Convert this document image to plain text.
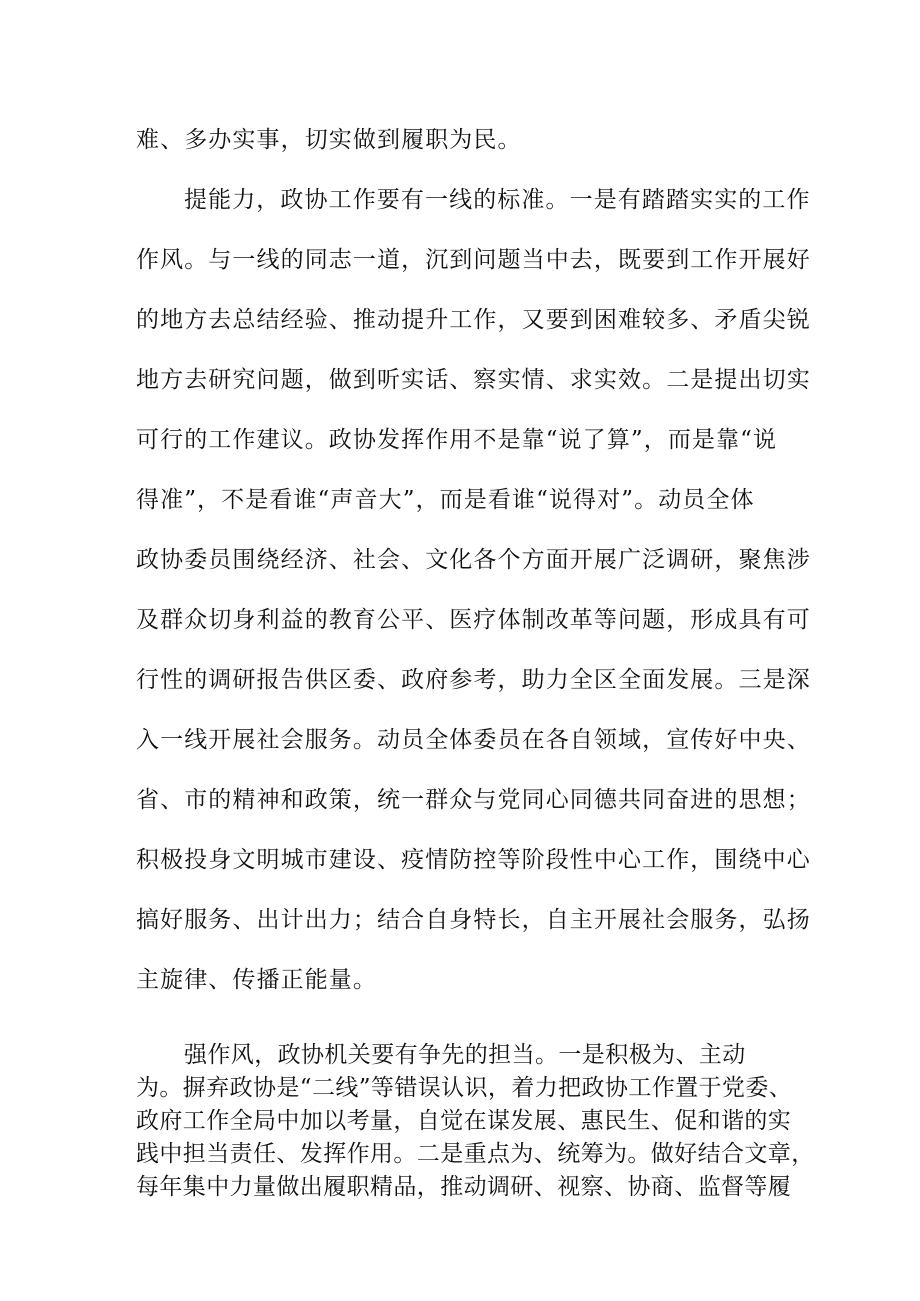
难、多办实事，切实做到履职为民。
提能力，政协工作要有一线的标准。一是有踏踏实实的工作
作风。与一线的同志一道，沉到问题当中去，既要到工作开展好
的地方去总结经验、推动提升工作，又要到困难较多、矛盾尖锐
地方去研究问题，做到听实话、察实情、求实效。二是提出切实
可行的工作建议。政协发挥作用不是靠“说了算”，而是靠“说
得准”，不是看谁“声音大”，而是看谁“说得对”。动员全体
政协委员围绕经济、社会、文化各个方面开展广泛调研，聚焦涉
及群众切身利益的教育公平、医疗体制改革等问题，形成具有可
行性的调研报告供区委、政府参考，助力全区全面发展。三是深
入一线开展社会服务。动员全体委员在各自领域，宣传好中央、
省、市的精神和政策，统一群众与党同心同德共同奋进的思想；
积极投身文明城市建设、疫情防控等阶段性中心工作，围绕中心
搞好服务、出计出力；结合自身特长，自主开展社会服务，弘扬
主旋律、传播正能量。
强作风，政协机关要有争先的担当。一是积极为、主动
为。摒弃政协是“二线”等错误认识，着力把政协工作置于党委、
政府工作全局中加以考量，自觉在谋发展、惠民生、促和谐的实
践中担当责任、发挥作用。二是重点为、统筹为。做好结合文章，
每年集中力量做出履职精品，推动调研、视察、协商、监督等履
